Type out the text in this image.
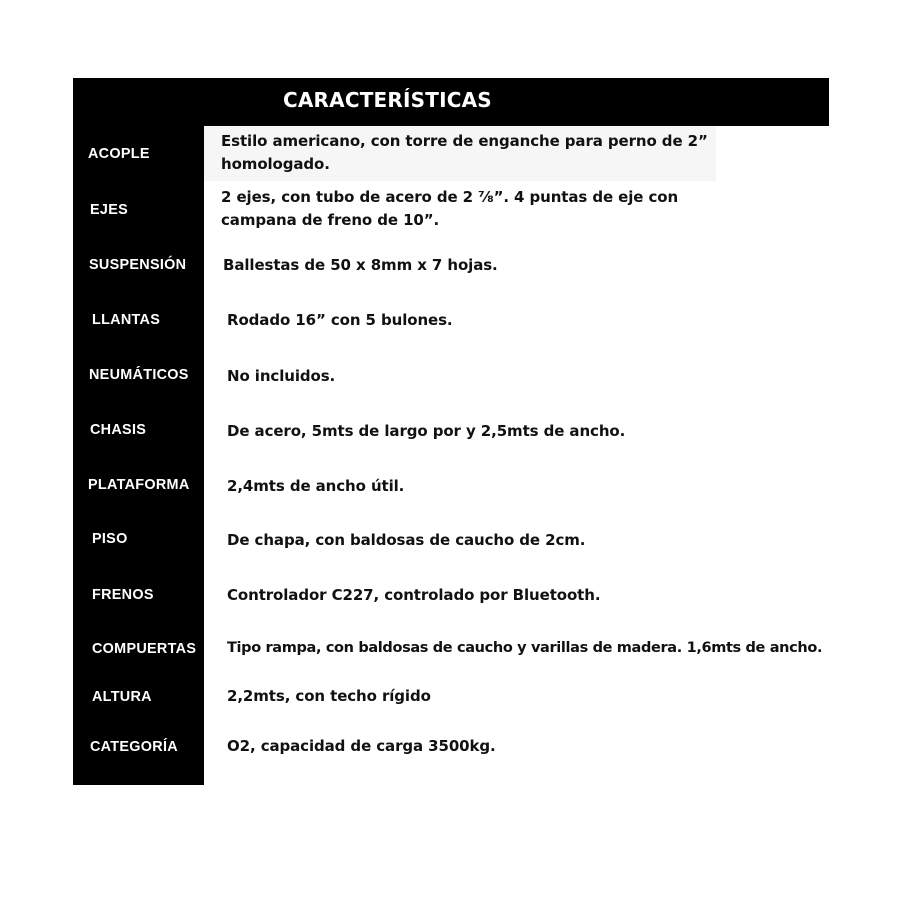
CARACTERÍSTICAS
ACOPLE
EJES
SUSPENSIÓN
LLANTAS
NEUMÁTICOS
CHASIS
PLATAFORMA
PISO
FRENOS
COMPUERTAS
ALTURA
CATEGORÍA
Estilo americano, con torre de enganche para perno de 2”
homologado.
2 ejes, con tubo de acero de 2 ⅞”. 4 puntas de eje con
campana de freno de 10”.
Ballestas de 50 x 8mm x 7 hojas.
Rodado 16” con 5 bulones.
No incluidos.
De acero, 5mts de largo por y 2,5mts de ancho.
2,4mts de ancho útil.
De chapa, con baldosas de caucho de 2cm.
Controlador C227, controlado por Bluetooth.
Tipo rampa, con baldosas de caucho y varillas de madera. 1,6mts de ancho.
2,2mts, con techo rígido
O2, capacidad de carga 3500kg.
